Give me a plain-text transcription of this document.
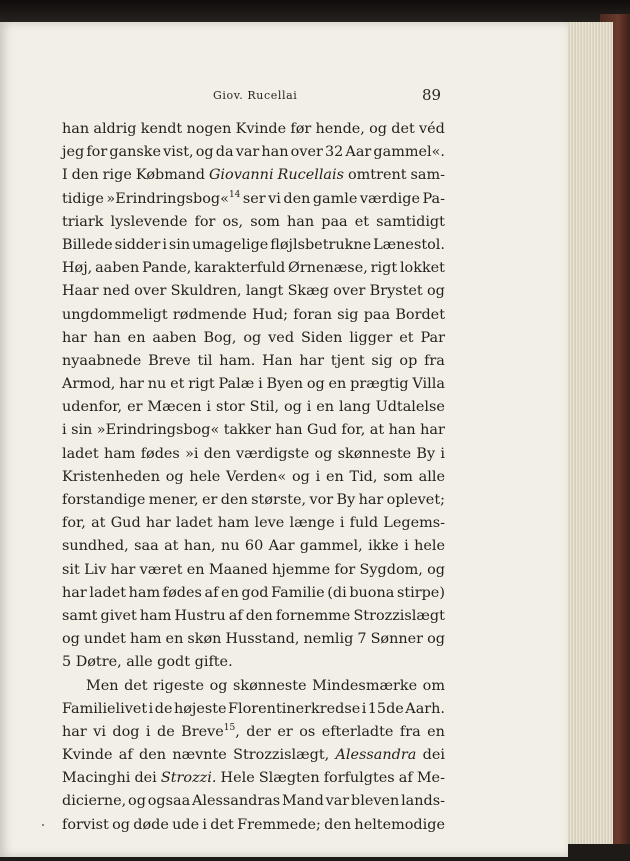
Giov. Rucellai	89
han aldrig kendt nogen Kvinde før hende, og det véd
jeg for ganske vist, og da var han over 32 Aar gammel«.
I den rige Købmand Giovanni Rucellais omtrent sam-
tidige »Erindringsbog«$^{14}$ ser vi den gamle værdige Pa-
triark lyslevende for os, som han paa et samtidigt
Billede sidder i sin umagelige fløjlsbetrukne Lænestol.
Høj, aaben Pande, karakterfuld Ørnenæse, rigt lokket
Haar ned over Skuldren, langt Skæg over Brystet og
ungdommeligt rødmende Hud; foran sig paa Bordet
har han en aaben Bog, og ved Siden ligger et Par
nyaabnede Breve til ham. Han har tjent sig op fra
Armod, har nu et rigt Palæ i Byen og en prægtig Villa
udenfor, er Mæcen i stor Stil, og i en lang Udtalelse
i sin »Erindringsbog« takker han Gud for, at han har
ladet ham fødes »i den værdigste og skønneste By i
Kristenheden og hele Verden« og i en Tid, som alle
forstandige mener, er den største, vor By har oplevet;
for, at Gud har ladet ham leve længe i fuld Legems-
sundhed, saa at han, nu 60 Aar gammel, ikke i hele
sit Liv har været en Maaned hjemme for Sygdom, og
har ladet ham fødes af en god Familie (di buona stirpe)
samt givet ham Hustru af den fornemme Strozzislægt
og undet ham en skøn Husstand, nemlig 7 Sønner og
5
Døtre,
alle
godt
gifte.
Men det rigeste og skønneste Mindesmærke om
Familielivet i de højeste Florentinerkredse i 15de Aarh.
har vi dog i de Breve$^{15}$, der er os efterladte fra en
Kvinde af den nævnte Strozzislægt, Alessandra dei
Macinghi dei Strozzi. Hele Slægten forfulgtes af Me-
dicierne, og ogsaa Alessandras Mand var bleven lands-
forvist og døde ude i det Fremmede; den heltemodige
